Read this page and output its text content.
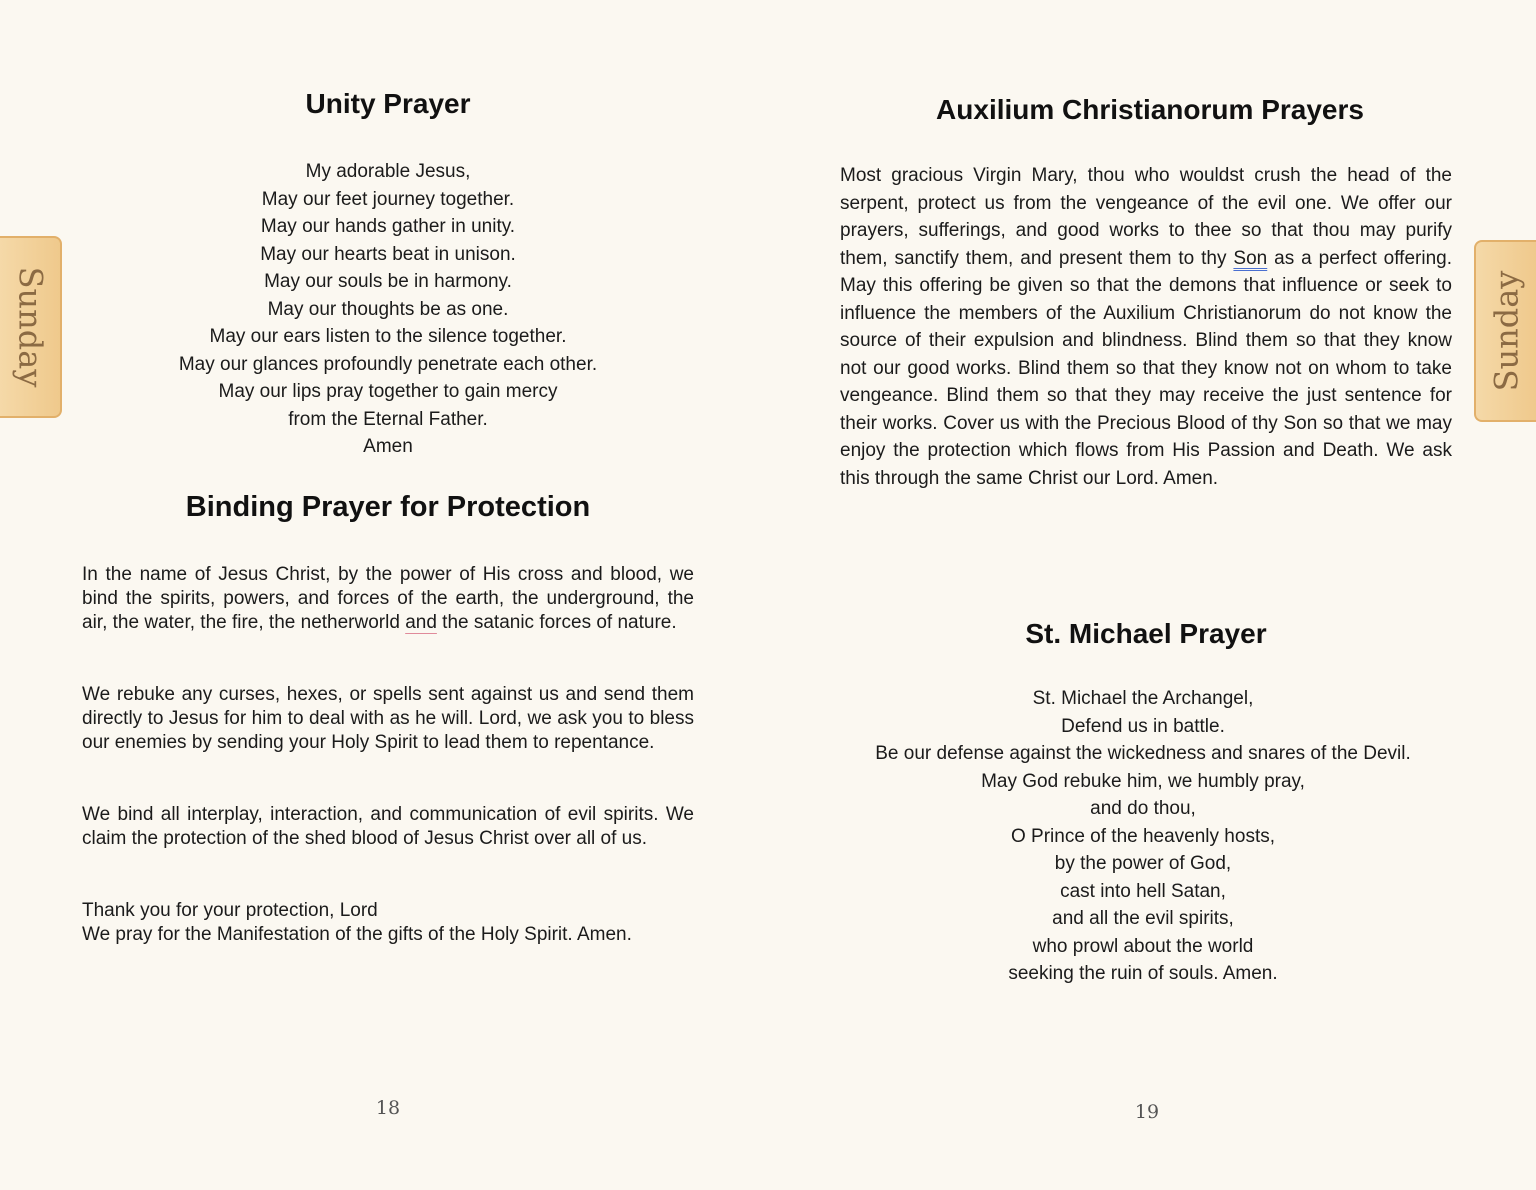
Sunday
Unity Prayer
My adorable Jesus,
May our feet journey together.
May our hands gather in unity.
May our hearts beat in unison.
May our souls be in harmony.
May our thoughts be as one.
May our ears listen to the silence together.
May our glances profoundly penetrate each other.
May our lips pray together to gain mercy
from the Eternal Father.
Amen
Binding Prayer for Protection

In the name of Jesus Christ, by the power of His cross and blood, we bind the spirits, powers, and forces of the earth, the underground, the air, the water, the fire, the netherworld and the satanic forces of nature.

We rebuke any curses, hexes, or spells sent against us and send them directly to Jesus for him to deal with as he will. Lord, we ask you to bless our enemies by sending your Holy Spirit to lead them to repentance.

We bind all interplay, interaction, and communication of evil spirits. We claim the protection of the shed blood of Jesus Christ over all of us.

Thank you for your protection, Lord
We pray for the Manifestation of the gifts of the Holy Spirit. Amen.
18
Sunday
Auxilium Christianorum Prayers
Most gracious Virgin Mary, thou who wouldst crush the head of the serpent, protect us from the vengeance of the evil one. We offer our prayers, sufferings, and good works to thee so that thou may purify them, sanctify them, and present them to thy Son as a perfect offering. May this offering be given so that the demons that influence or seek to influence the members of the Auxilium Christianorum do not know the source of their expulsion and blindness. Blind them so that they know not our good works. Blind them so that they know not on whom to take vengeance. Blind them so that they may receive the just sentence for their works. Cover us with the Precious Blood of thy Son so that we may enjoy the protection which flows from His Passion and Death. We ask this through the same Christ our Lord. Amen.
St. Michael Prayer
St. Michael the Archangel,
Defend us in battle.
Be our defense against the wickedness and snares of the Devil.
May God rebuke him, we humbly pray,
and do thou,
O Prince of the heavenly hosts,
by the power of God,
cast into hell Satan,
and all the evil spirits,
who prowl about the world
seeking the ruin of souls. Amen.
19
